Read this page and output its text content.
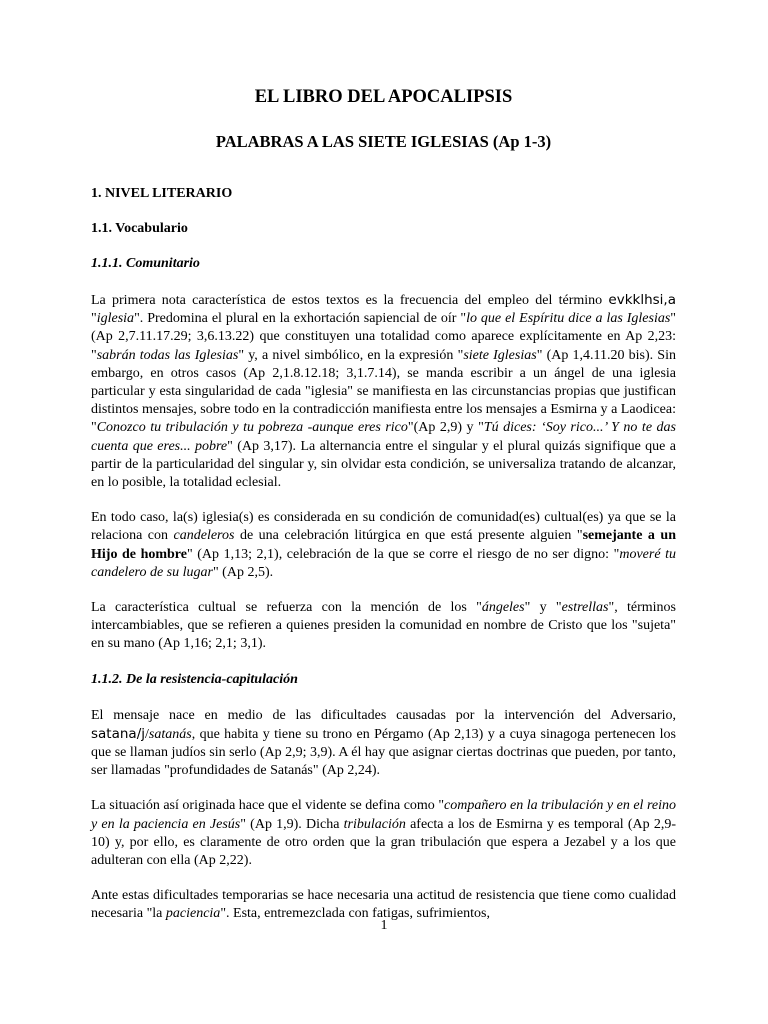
EL LIBRO DEL APOCALIPSIS
PALABRAS A LAS SIETE IGLESIAS (Ap 1-3)
1. NIVEL LITERARIO
1.1. Vocabulario
1.1.1. Comunitario

La primera nota característica de estos textos es la frecuencia del empleo del término evkklhsi,a "iglesia". Predomina el plural en la exhortación sapiencial de oír "lo que el Espíritu dice a las Iglesias" (Ap 2,7.11.17.29; 3,6.13.22) que constituyen una totalidad como aparece explícitamente en Ap 2,23: "sabrán todas las Iglesias" y, a nivel simbólico, en la expresión "siete Iglesias" (Ap 1,4.11.20 bis). Sin embargo, en otros casos (Ap 2,1.8.12.18; 3,1.7.14), se manda escribir a un ángel de una iglesia particular y esta singularidad de cada "iglesia" se manifiesta en las circunstancias propias que justifican distintos mensajes, sobre todo en la contradicción manifiesta entre los mensajes a Esmirna y a Laodicea: "Conozco tu tribulación y tu pobreza -aunque eres rico"(Ap 2,9) y "Tú dices: ‘Soy rico...’ Y no te das cuenta que eres... pobre" (Ap 3,17). La alternancia entre el singular y el plural quizás signifique que a partir de la particularidad del singular y, sin olvidar esta condición, se universaliza tratando de alcanzar, en lo posible, la totalidad eclesial.

En todo caso, la(s) iglesia(s) es considerada en su condición de comunidad(es) cultual(es) ya que se la relaciona con candeleros de una celebración litúrgica en que está presente alguien "semejante a un Hijo de hombre" (Ap 1,13; 2,1), celebración de la que se corre el riesgo de no ser digno: "moveré tu candelero de su lugar" (Ap 2,5).

La característica cultual se refuerza con la mención de los "ángeles" y "estrellas", términos intercambiables, que se refieren a quienes presiden la comunidad en nombre de Cristo que los "sujeta" en su mano (Ap 1,16; 2,1; 3,1).

1.1.2. De la resistencia-capitulación

El mensaje nace en medio de las dificultades causadas por la intervención del Adversario, satana/j/satanás, que habita y tiene su trono en Pérgamo (Ap 2,13) y a cuya sinagoga pertenecen los que se llaman judíos sin serlo (Ap 2,9; 3,9). A él hay que asignar ciertas doctrinas que pueden, por tanto, ser llamadas "profundidades de Satanás" (Ap 2,24).

La situación así originada hace que el vidente se defina como "compañero en la tribulación y en el reino y en la paciencia en Jesús" (Ap 1,9). Dicha tribulación afecta a los de Esmirna y es temporal (Ap 2,9-10) y, por ello, es claramente de otro orden que la gran tribulación que espera a Jezabel y a los que adulteran con ella (Ap 2,22).

Ante estas dificultades temporarias se hace necesaria una actitud de resistencia que tiene como cualidad necesaria "la paciencia". Esta, entremezclada con fatigas, sufrimientos,

1
